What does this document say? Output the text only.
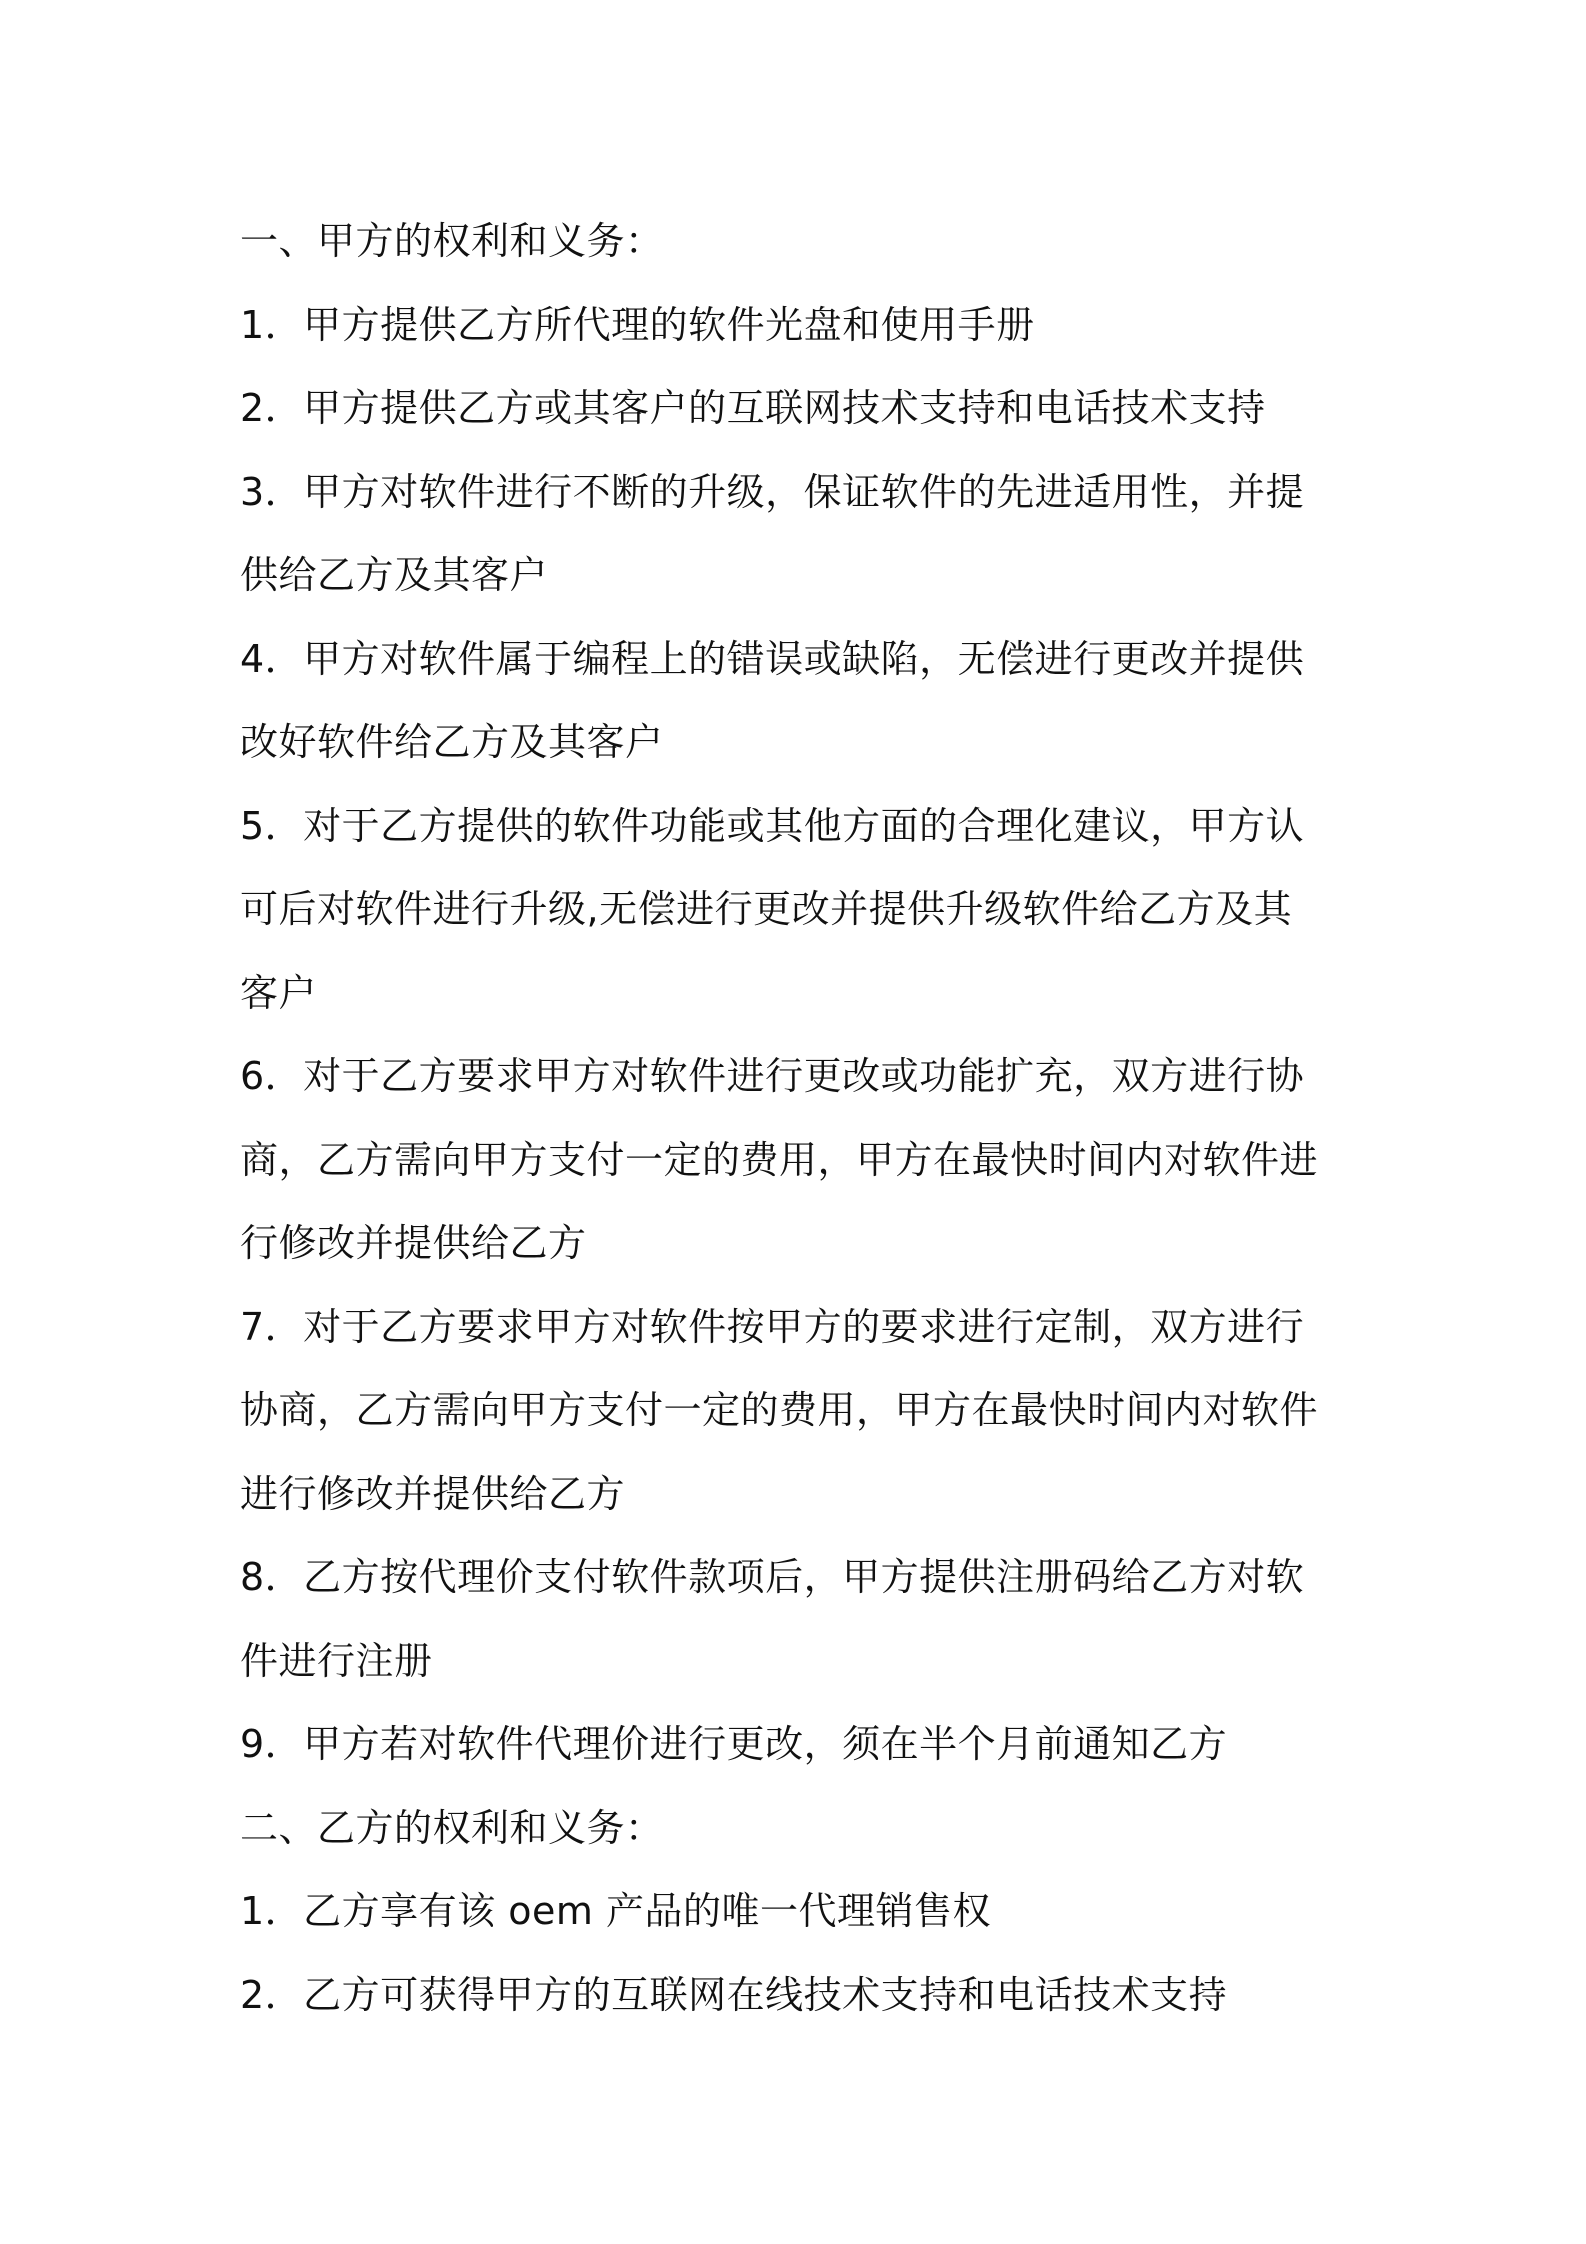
一、甲方的权利和义务：
1．甲方提供乙方所代理的软件光盘和使用手册
2．甲方提供乙方或其客户的互联网技术支持和电话技术支持
3．甲方对软件进行不断的升级，保证软件的先进适用性，并提
供给乙方及其客户
4．甲方对软件属于编程上的错误或缺陷，无偿进行更改并提供
改好软件给乙方及其客户
5．对于乙方提供的软件功能或其他方面的合理化建议，甲方认
可后对软件进行升级,无偿进行更改并提供升级软件给乙方及其
客户
6．对于乙方要求甲方对软件进行更改或功能扩充，双方进行协
商，乙方需向甲方支付一定的费用，甲方在最快时间内对软件进
行修改并提供给乙方
7．对于乙方要求甲方对软件按甲方的要求进行定制，双方进行
协商，乙方需向甲方支付一定的费用，甲方在最快时间内对软件
进行修改并提供给乙方
8．乙方按代理价支付软件款项后，甲方提供注册码给乙方对软
件进行注册
9．甲方若对软件代理价进行更改，须在半个月前通知乙方
二、乙方的权利和义务：
1．乙方享有该 oem 产品的唯一代理销售权
2．乙方可获得甲方的互联网在线技术支持和电话技术支持
